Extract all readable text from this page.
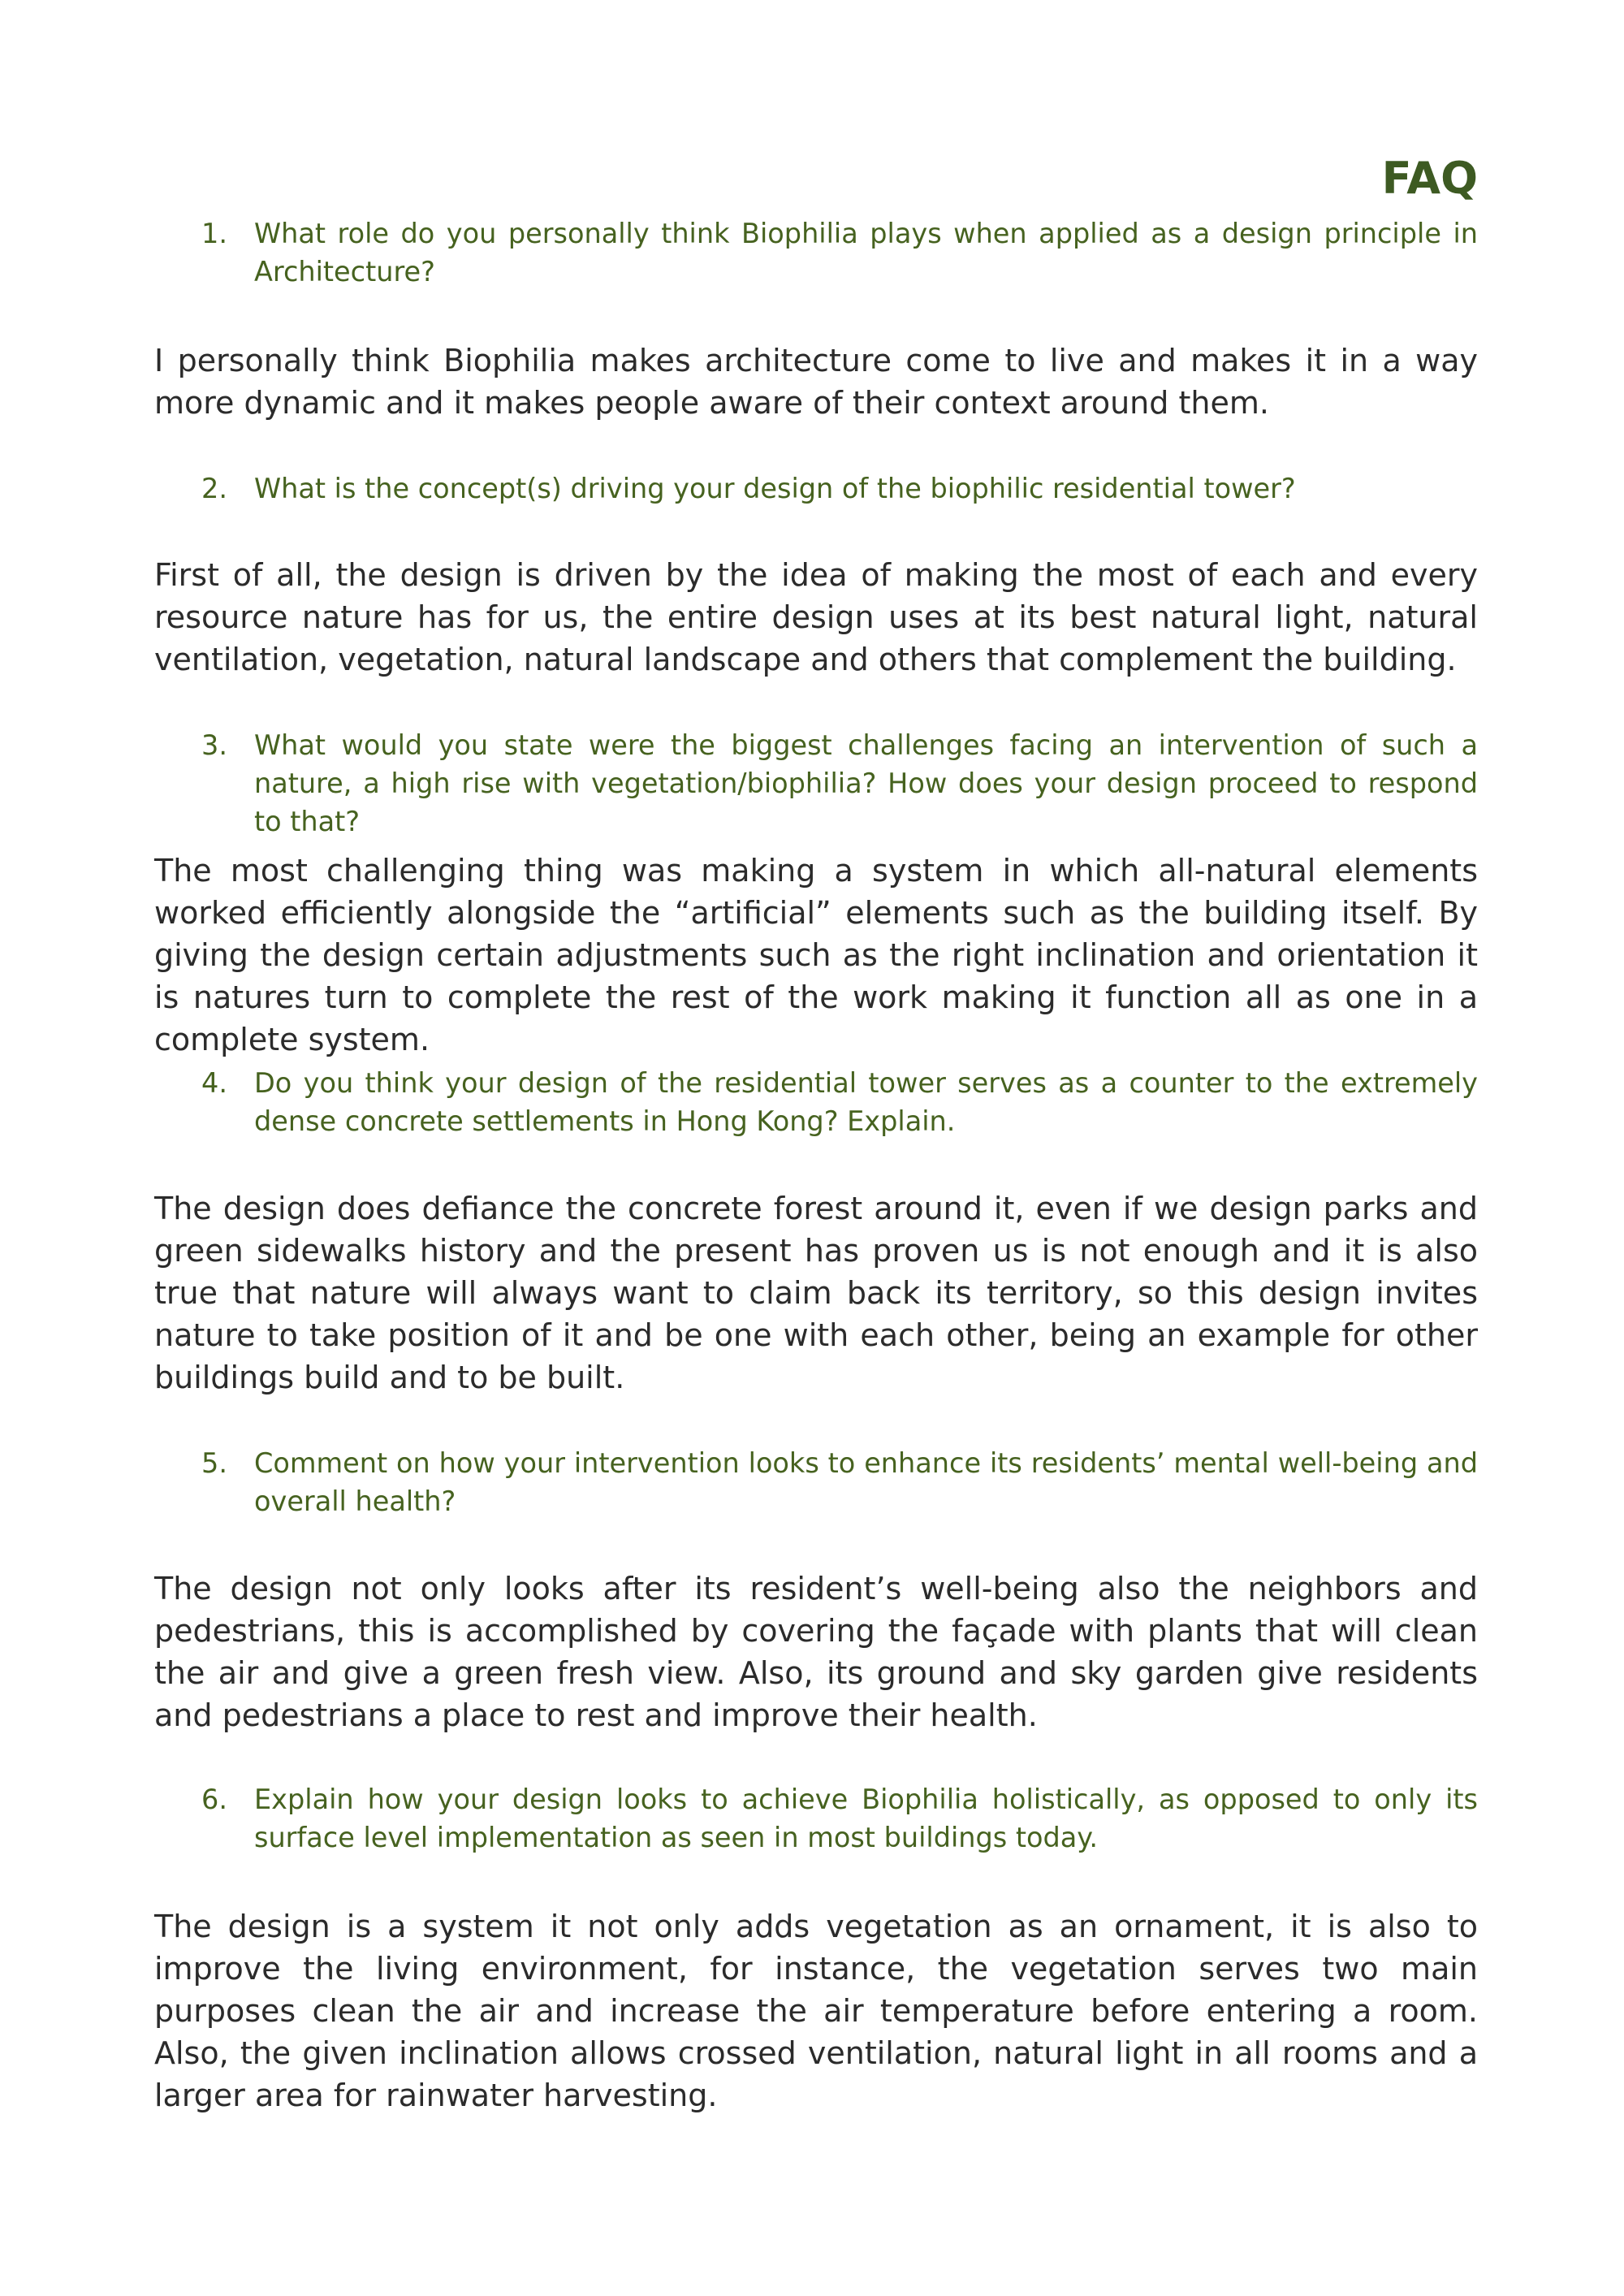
FAQ
1. What role do you personally think Biophilia plays when applied as a design principle in Architecture?

I personally think Biophilia makes architecture come to live and makes it in a way more dynamic and it makes people aware of their context around them.

2. What is the concept(s) driving your design of the biophilic residential tower?

First of all, the design is driven by the idea of making the most of each and every resource nature has for us, the entire design uses at its best natural light, natural ventilation, vegetation, natural landscape and others that complement the building.

3. What would you state were the biggest challenges facing an intervention of such a nature, a high rise with vegetation/biophilia? How does your design proceed to respond to that?

The most challenging thing was making a system in which all-natural elements worked efficiently alongside the “artificial” elements such as the building itself. By giving the design certain adjustments such as the right inclination and orientation it is natures turn to complete the rest of the work making it function all as one in a complete system.

4. Do you think your design of the residential tower serves as a counter to the extremely dense concrete settlements in Hong Kong? Explain.

The design does defiance the concrete forest around it, even if we design parks and green sidewalks history and the present has proven us is not enough and it is also true that nature will always want to claim back its territory, so this design invites nature to take position of it and be one with each other, being an example for other buildings build and to be built.

5. Comment on how your intervention looks to enhance its residents’ mental well-being and overall health?

The design not only looks after its resident’s well-being also the neighbors and pedestrians, this is accomplished by covering the façade with plants that will clean the air and give a green fresh view. Also, its ground and sky garden give residents and pedestrians a place to rest and improve their health.

6. Explain how your design looks to achieve Biophilia holistically, as opposed to only its surface level implementation as seen in most buildings today.

The design is a system it not only adds vegetation as an ornament, it is also to improve the living environment, for instance, the vegetation serves two main purposes clean the air and increase the air temperature before entering a room. Also, the given inclination allows crossed ventilation, natural light in all rooms and a larger area for rainwater harvesting.
